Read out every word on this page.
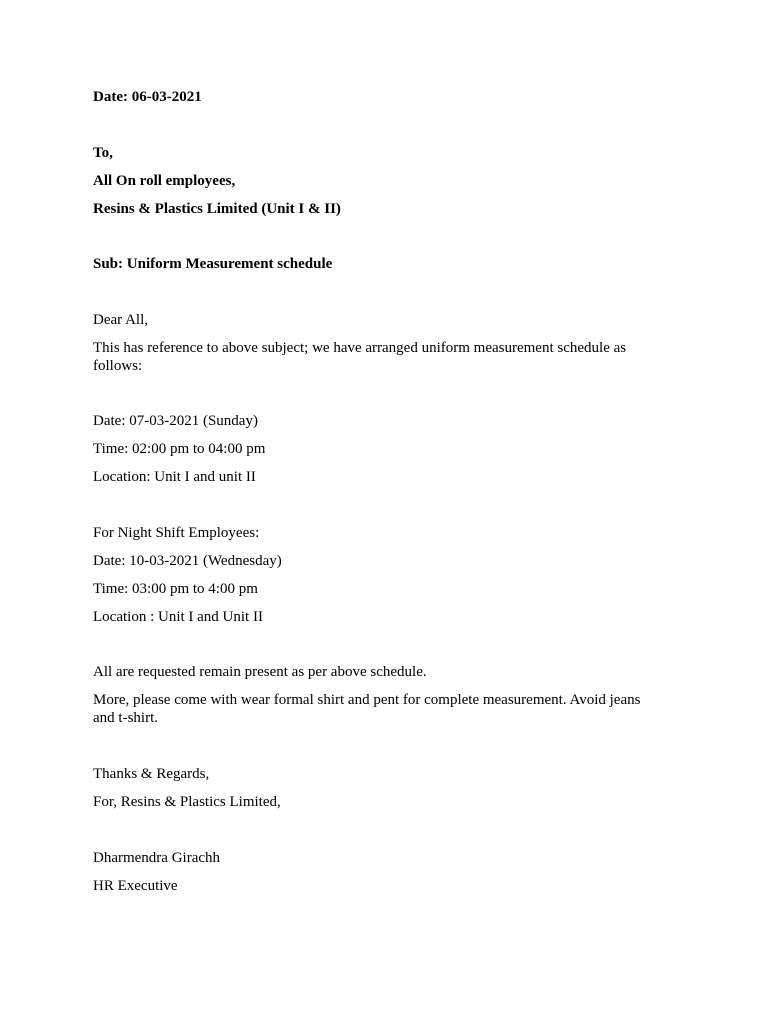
Date: 06-03-2021
To,
All On roll employees,
Resins & Plastics Limited (Unit I & II)
Sub: Uniform Measurement schedule
Dear All,
This has reference to above subject; we have arranged uniform measurement schedule as follows:
Date: 07-03-2021 (Sunday)
Time: 02:00 pm to 04:00 pm
Location: Unit I and unit II
For Night Shift Employees:
Date: 10-03-2021 (Wednesday)
Time: 03:00 pm to 4:00 pm
Location : Unit I and Unit II
All are requested remain present as per above schedule.
More, please come with wear formal shirt and pent for complete measurement. Avoid jeans and t-shirt.
Thanks & Regards,
For, Resins & Plastics Limited,
Dharmendra Girachh
HR Executive
